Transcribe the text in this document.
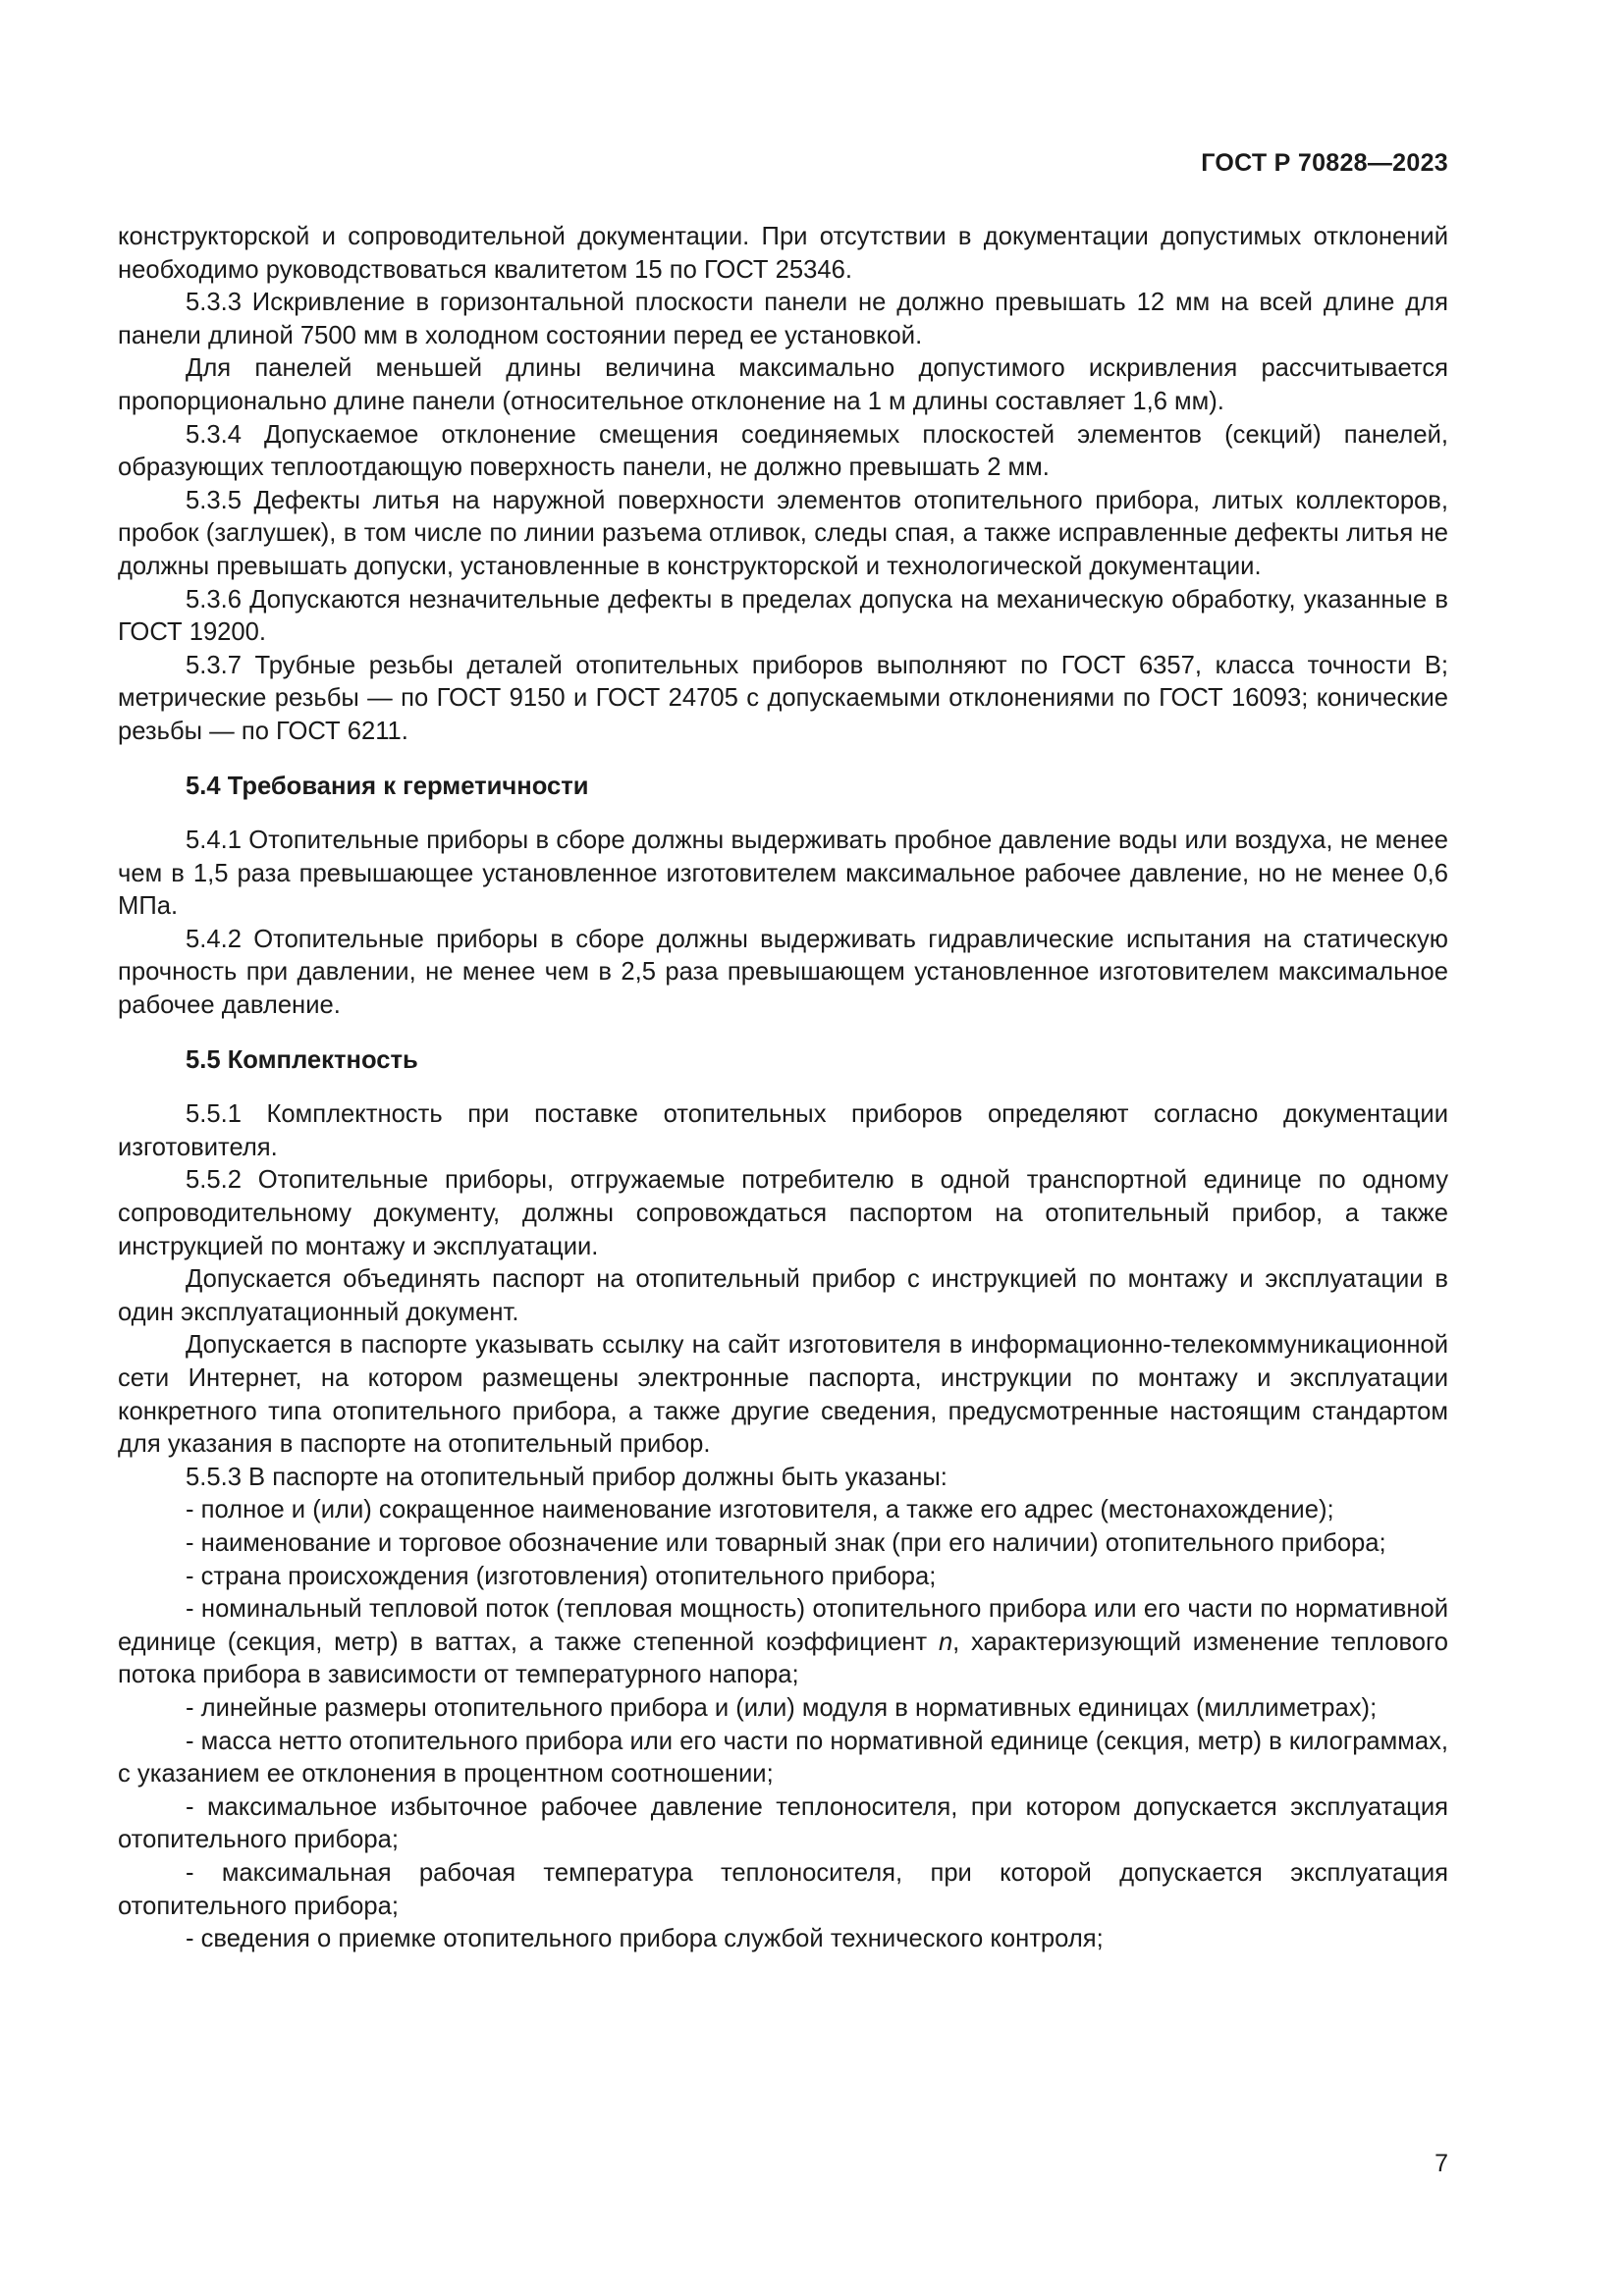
ГОСТ Р 70828—2023

конструкторской и сопроводительной документации. При отсутствии в документации допустимых отклонений необходимо руководствоваться квалитетом 15 по ГОСТ 25346.

5.3.3 Искривление в горизонтальной плоскости панели не должно превышать 12 мм на всей длине для панели длиной 7500 мм в холодном состоянии перед ее установкой.

Для панелей меньшей длины величина максимально допустимого искривления рассчитывается пропорционально длине панели (относительное отклонение на 1 м длины составляет 1,6 мм).

5.3.4 Допускаемое отклонение смещения соединяемых плоскостей элементов (секций) панелей, образующих теплоотдающую поверхность панели, не должно превышать 2 мм.

5.3.5 Дефекты литья на наружной поверхности элементов отопительного прибора, литых коллекторов, пробок (заглушек), в том числе по линии разъема отливок, следы спая, а также исправленные дефекты литья не должны превышать допуски, установленные в конструкторской и технологической документации.

5.3.6 Допускаются незначительные дефекты в пределах допуска на механическую обработку, указанные в ГОСТ 19200.

5.3.7 Трубные резьбы деталей отопительных приборов выполняют по ГОСТ 6357, класса точности В; метрические резьбы — по ГОСТ 9150 и ГОСТ 24705 с допускаемыми отклонениями по ГОСТ 16093; конические резьбы — по ГОСТ 6211.

5.4 Требования к герметичности

5.4.1 Отопительные приборы в сборе должны выдерживать пробное давление воды или воздуха, не менее чем в 1,5 раза превышающее установленное изготовителем максимальное рабочее давление, но не менее 0,6 МПа.

5.4.2 Отопительные приборы в сборе должны выдерживать гидравлические испытания на статическую прочность при давлении, не менее чем в 2,5 раза превышающем установленное изготовителем максимальное рабочее давление.

5.5 Комплектность

5.5.1 Комплектность при поставке отопительных приборов определяют согласно документации изготовителя.

5.5.2 Отопительные приборы, отгружаемые потребителю в одной транспортной единице по одному сопроводительному документу, должны сопровождаться паспортом на отопительный прибор, а также инструкцией по монтажу и эксплуатации.

Допускается объединять паспорт на отопительный прибор с инструкцией по монтажу и эксплуатации в один эксплуатационный документ.

Допускается в паспорте указывать ссылку на сайт изготовителя в информационно-телекоммуникационной сети Интернет, на котором размещены электронные паспорта, инструкции по монтажу и эксплуатации конкретного типа отопительного прибора, а также другие сведения, предусмотренные настоящим стандартом для указания в паспорте на отопительный прибор.

5.5.3 В паспорте на отопительный прибор должны быть указаны:

- полное и (или) сокращенное наименование изготовителя, а также его адрес (местонахождение);

- наименование и торговое обозначение или товарный знак (при его наличии) отопительного прибора;

- страна происхождения (изготовления) отопительного прибора;

- номинальный тепловой поток (тепловая мощность) отопительного прибора или его части по нормативной единице (секция, метр) в ваттах, а также степенной коэффициент n, характеризующий изменение теплового потока прибора в зависимости от температурного напора;

- линейные размеры отопительного прибора и (или) модуля в нормативных единицах (миллиметрах);

- масса нетто отопительного прибора или его части по нормативной единице (секция, метр) в килограммах, с указанием ее отклонения в процентном соотношении;

- максимальное избыточное рабочее давление теплоносителя, при котором допускается эксплуатация отопительного прибора;

- максимальная рабочая температура теплоносителя, при которой допускается эксплуатация отопительного прибора;

- сведения о приемке отопительного прибора службой технического контроля;

7
